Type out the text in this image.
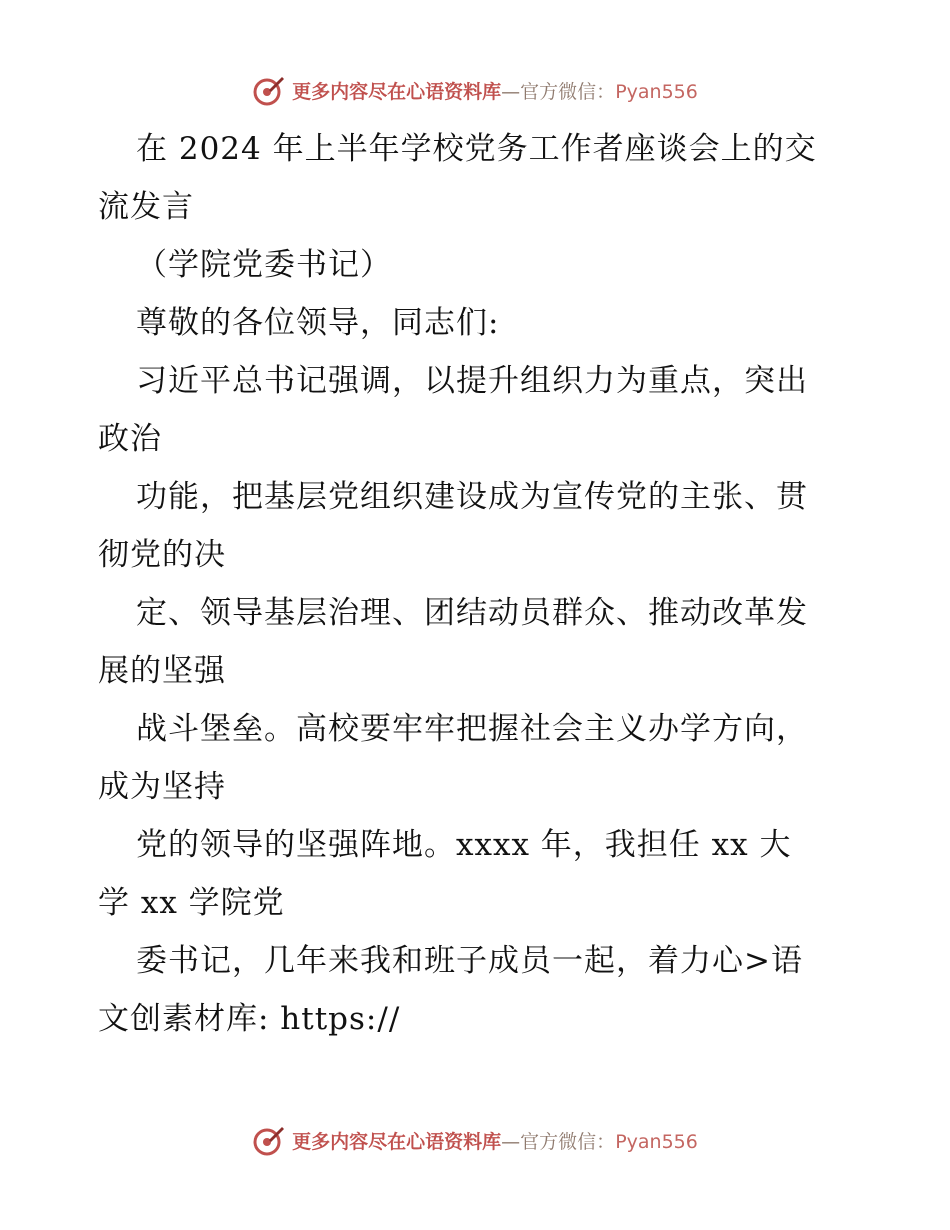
更多内容尽在心语资料库—官方微信：Pyan556
在 2024 年上半年学校党务工作者座谈会上的交
流发言
（学院党委书记）
尊敬的各位领导，同志们:
习近平总书记强调，以提升组织力为重点，突出
政治
功能，把基层党组织建设成为宣传党的主张、贯
彻党的决
定、领导基层治理、团结动员群众、推动改革发
展的坚强
战斗堡垒。高校要牢牢把握社会主义办学方向，
成为坚持
党的领导的坚强阵地。xxxx 年，我担任 xx 大
学 xx 学院党
委书记，几年来我和班子成员一起，着力心>语
文创素材库: https://
更多内容尽在心语资料库—官方微信：Pyan556
